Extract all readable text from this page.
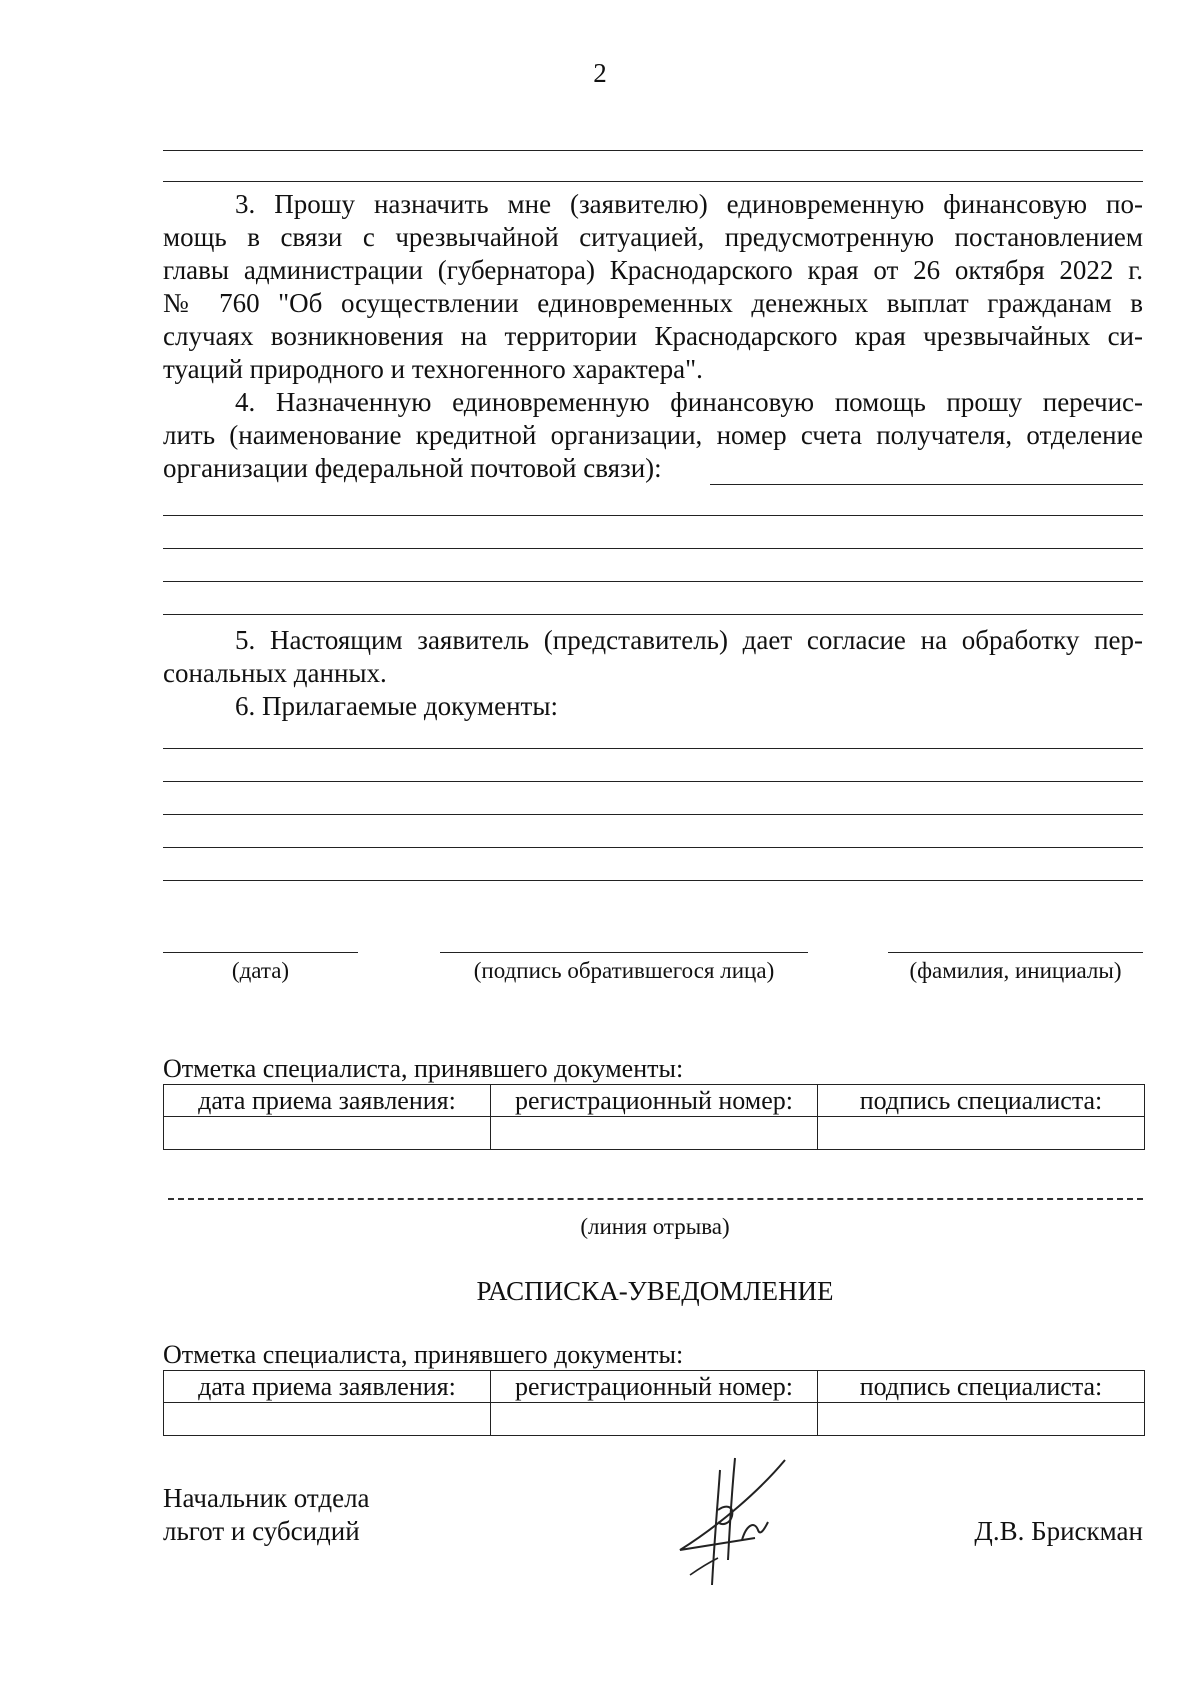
2
3. Прошу назначить мне (заявителю) единовременную финансовую по-
мощь в связи с чрезвычайной ситуацией, предусмотренную постановлением
главы администрации (губернатора) Краснодарского края от 26 октября 2022 г.
№ 760 "Об осуществлении единовременных денежных выплат гражданам в
случаях возникновения на территории Краснодарского края чрезвычайных си-
туаций природного и техногенного характера".
4. Назначенную единовременную финансовую помощь прошу перечис-
лить (наименование кредитной организации, номер счета получателя, отделение
организации федеральной почтовой связи):
5. Настоящим заявитель (представитель) дает согласие на обработку пер-
сональных данных.
6. Прилагаемые документы:
(дата)	(подпись обратившегося лица)	(фамилия, инициалы)
Отметка специалиста, принявшего документы:
дата приема заявления:	регистрационный номер:	подпись специалиста:

(линия отрыва)
РАСПИСКА-УВЕДОМЛЕНИЕ
Отметка специалиста, принявшего документы:
дата приема заявления:	регистрационный номер:	подпись специалиста:

Начальник отдела
льгот и субсидий	Д.В. Брискман
